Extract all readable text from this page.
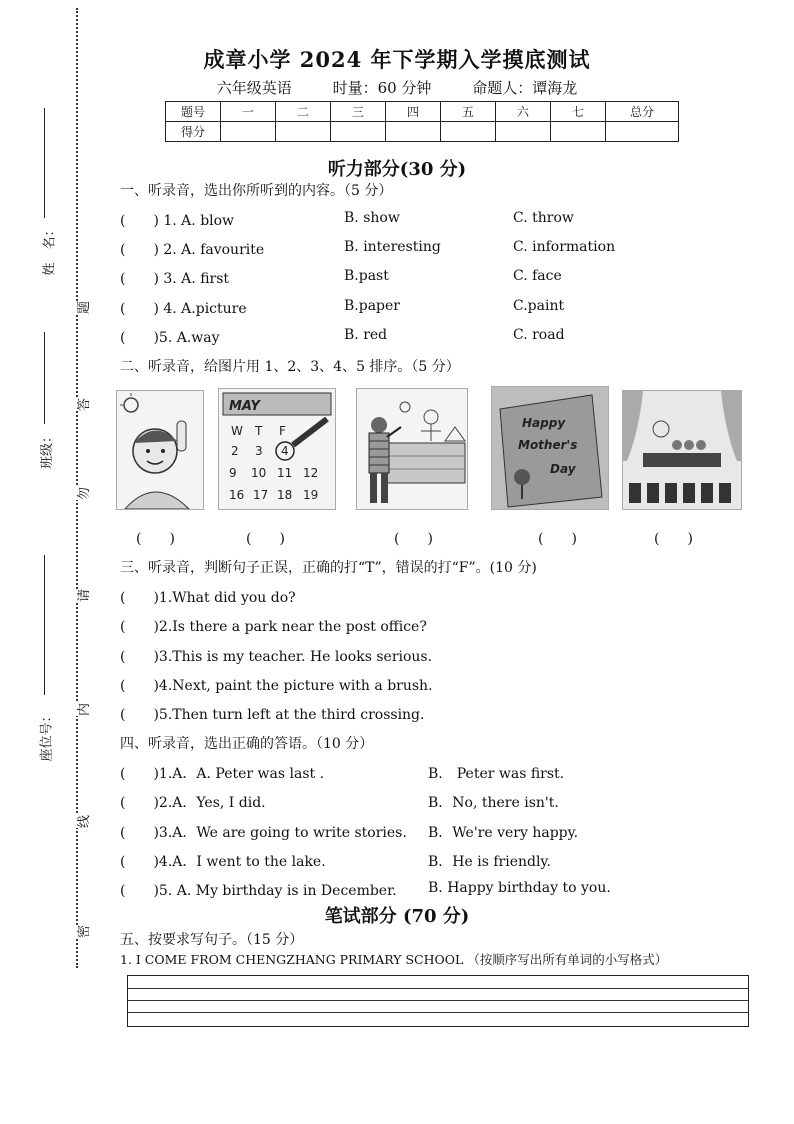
姓　名：
班级：
座位号：
题
答
勿
请
内
线
密
成章小学 2024 年下学期入学摸底测试
六年级英语	时量：60 分钟	命题人：谭海龙
题号	一	二	三	四	五	六	七	总分
得分								
听力部分(30 分)
一、听录音，选出你所听到的内容。（5 分）
(　　) 1. A. blow	B. show	C. throw
(　　) 2. A. favourite	B. interesting	C. information
(　　) 3. A. first	B.past	C. face
(　　) 4. A.picture	B.paper	C.paint
(　　)5. A.way	B. red	C. road
二、听录音，给图片用 1、2、3、4、5 排序。（5 分）
MAY
W T F
2 3 4
9 10 11 12
16 17 18 19
Happy
Mother's
Day
(　　)	(　　)	(　　)	(　　)	(　　)
三、听录音，判断句子正误，正确的打“T”，错误的打“F”。(10 分)
(　　)1.What did you do?
(　　)2.Is there a park near the post office?
(　　)3.This is my teacher. He looks serious.
(　　)4.Next, paint the picture with a brush.
(　　)5.Then turn left at the third crossing.
四、听录音，选出正确的答语。（10 分）
(　　)1.A．A. Peter was last .	B.　Peter was first.
(　　)2.A．Yes, I did.	B．No, there isn't.
(　　)3.A．We are going to write stories. B．We're very happy.
(　　)4.A．I went to the lake.	B．He is friendly.
(　　)5. A. My birthday is in December. B. Happy birthday to you.
笔试部分 (70 分)
五、按要求写句子。（15 分）
1. I COME FROM CHENGZHANG PRIMARY SCHOOL （按顺序写出所有单词的小写格式）
